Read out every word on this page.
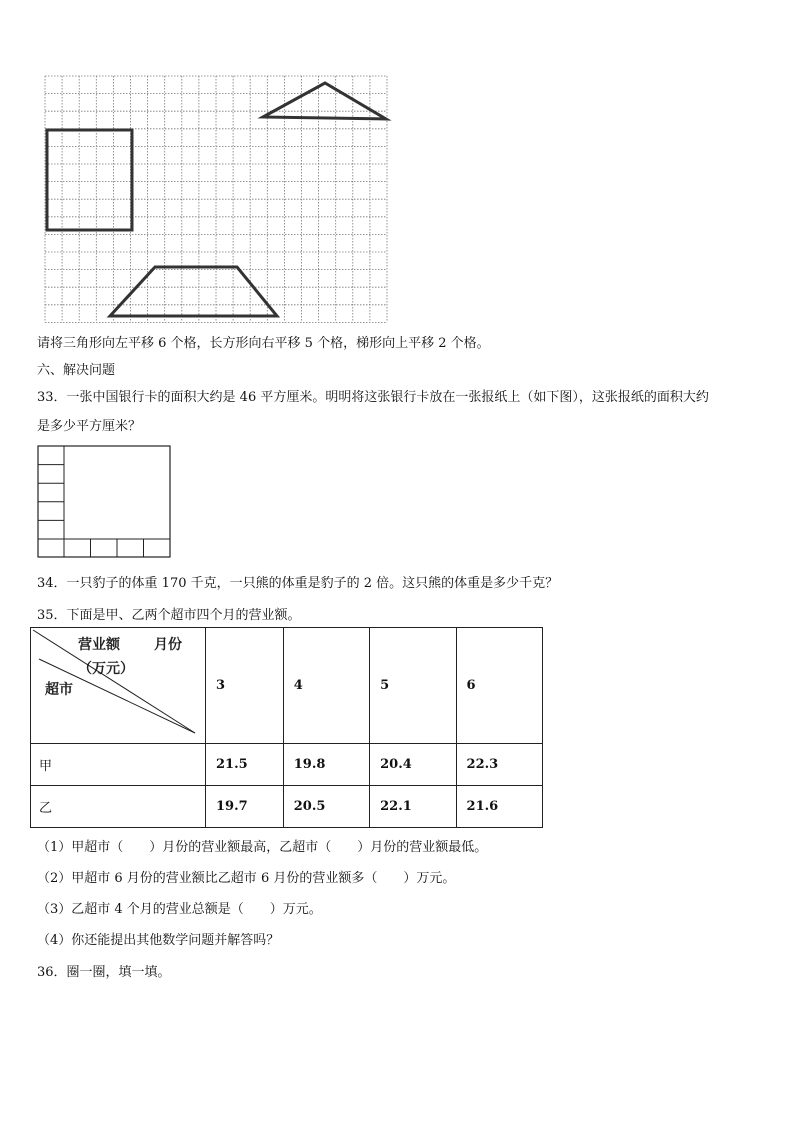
请将三角形向左平移 6 个格，长方形向右平移 5 个格，梯形向上平移 2 个格。
六、解决问题
33．一张中国银行卡的面积大约是 46 平方厘米。明明将这张银行卡放在一张报纸上（如下图），这张报纸的面积大约
是多少平方厘米？
34．一只豹子的体重 170 千克，一只熊的体重是豹子的 2 倍。这只熊的体重是多少千克？
35．下面是甲、乙两个超市四个月的营业额。
营业额 月份
（万元）
超市	3	4	5	6
甲	21.5	19.8	20.4	22.3
乙	19.7	20.5	22.1	21.6
（1）甲超市（　　）月份的营业额最高，乙超市（　　）月份的营业额最低。
（2）甲超市 6 月份的营业额比乙超市 6 月份的营业额多（　　）万元。
（3）乙超市 4 个月的营业总额是（　　）万元。
（4）你还能提出其他数学问题并解答吗？
36．圈一圈，填一填。
